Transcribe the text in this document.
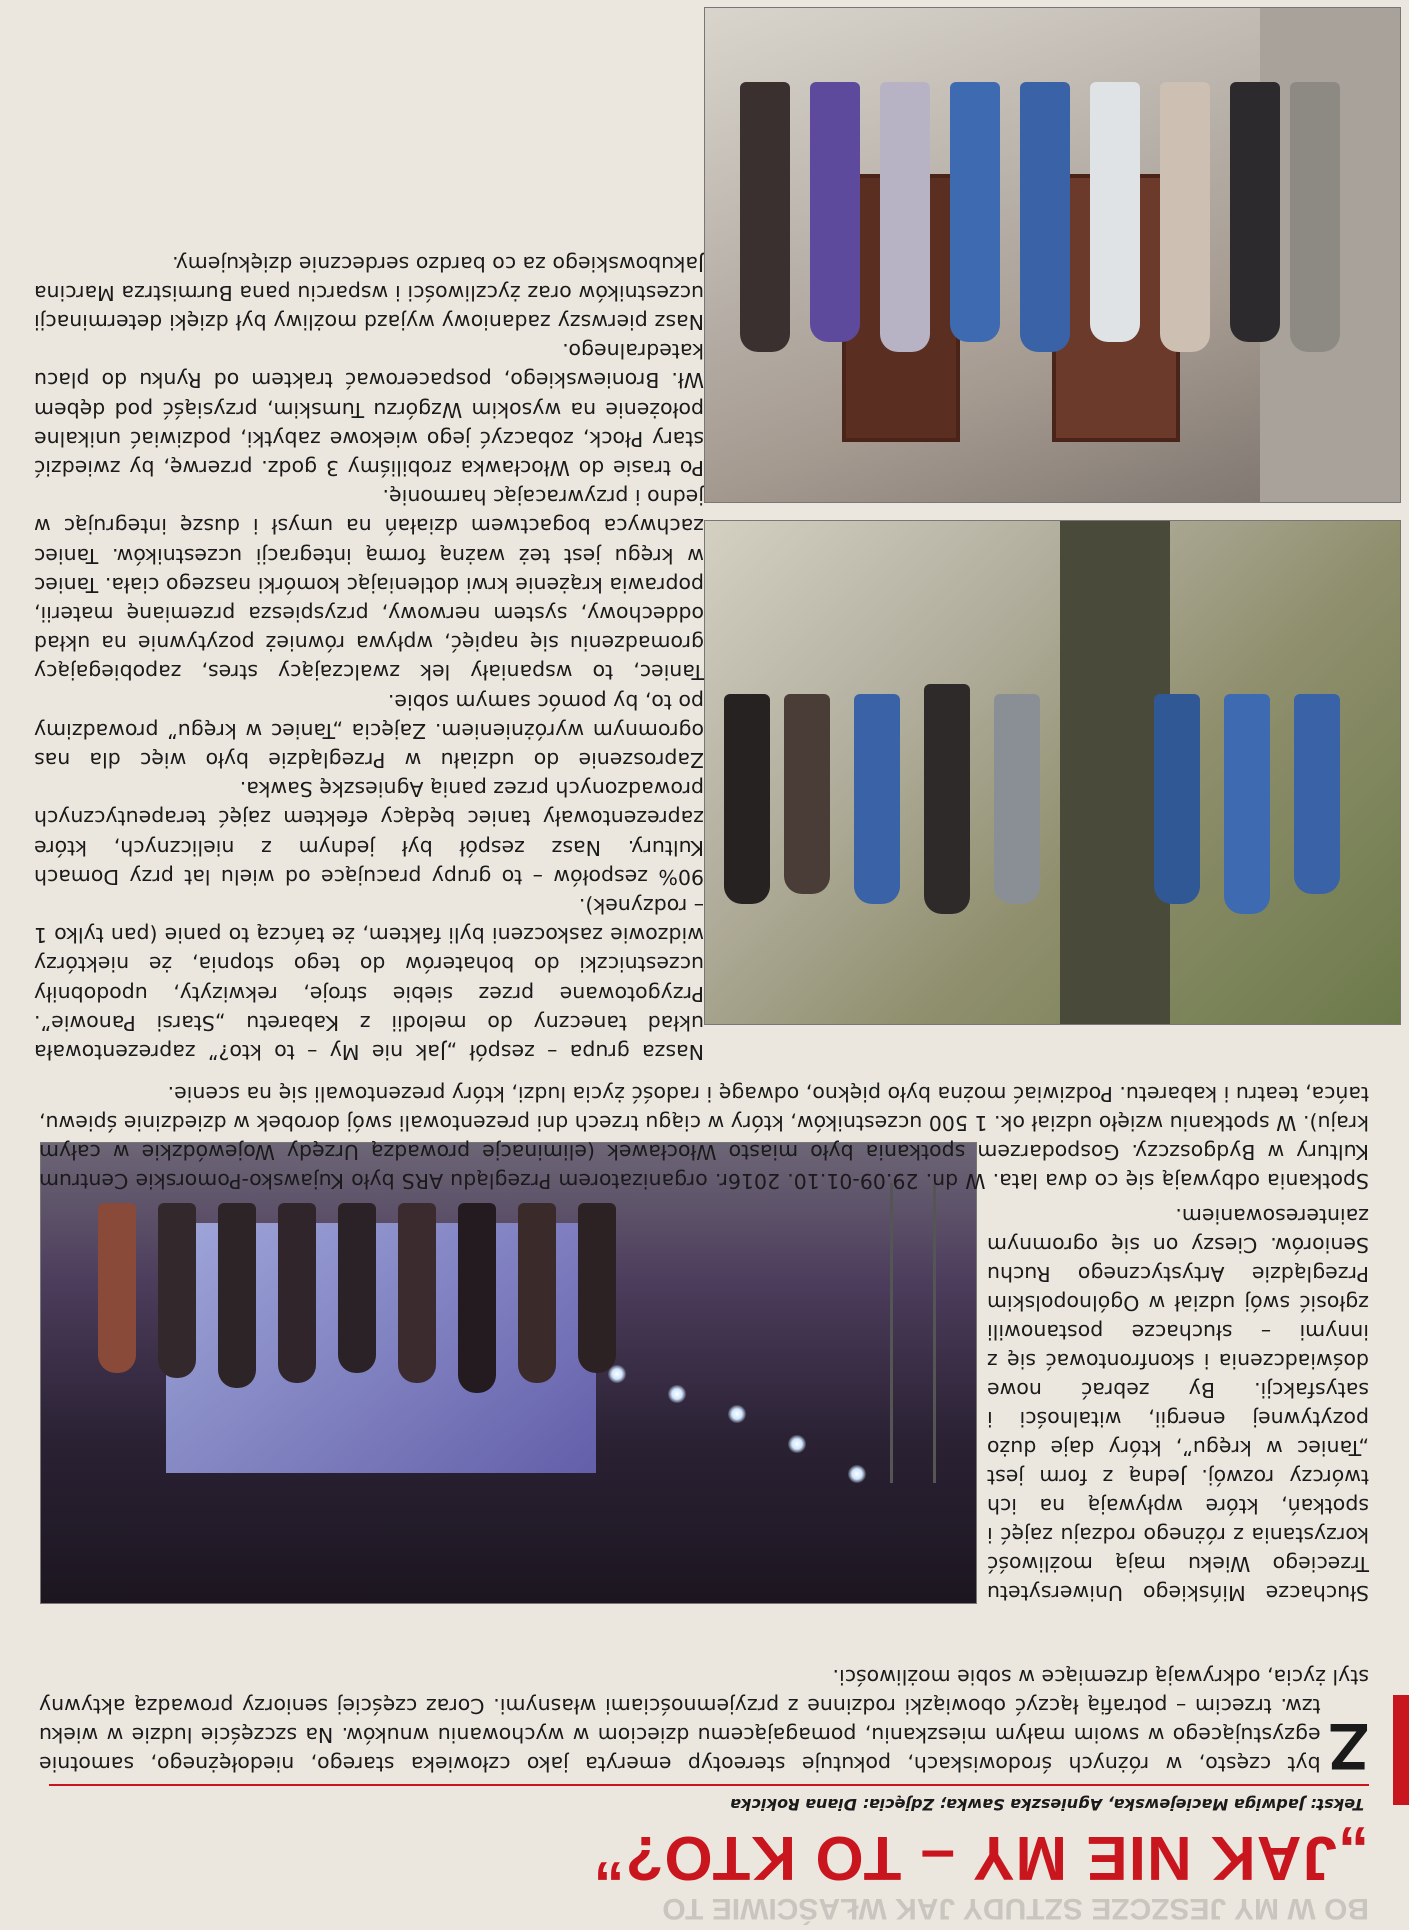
BO W MY JESZCZE SZTUDY JAK WŁAŚCIWIE TO
„JAK NIE MY – TO KTO?”
Tekst: Jadwiga Maciejewska, Agnieszka Sawka; Zdjęcia: Diana Rokicka
Z

byt często, w różnych środowiskach, pokutuje stereotyp emeryta jako człowieka starego, niedołężnego, samotnie egzystującego w swoim małym mieszkaniu, pomagającemu dzieciom w wychowaniu wnuków. Na szczęście ludzie w wieku tzw. trzecim – potrafią łączyć obowiązki rodzinne z przyjemnościami własnymi. Coraz częściej seniorzy prowadzą aktywny styl życia, odkrywają drzemiące w sobie możliwości.

Słuchacze Mińskiego Uniwersytetu Trzeciego Wieku mają możliwość korzystania z różnego rodzaju zajęć i spotkań, które wpływają na ich twórczy rozwój. Jedną z form jest „Taniec w kręgu”, który daje dużo pozytywnej energii, witalności i satysfakcji. By zebrać nowe doświadczenia i skonfrontować się z innymi – słuchacze postanowili zgłosić swój udział w Ogólnopolskim Przeglądzie Artystycznego Ruchu Seniorów. Cieszy on się ogromnym zainteresowaniem.

Spotkania odbywają się co dwa lata. W dn. 29.09-01.10. 2016r. organizatorem Przeglądu ARS było Kujawsko-Pomorskie Centrum Kultury w Bydgoszczy. Gospodarzem spotkania było miasto Włocławek (eliminacje prowadzą Urzędy Wojewódzkie w całym kraju). W spotkaniu wzięło udział ok. 1 500 uczestników, który w ciągu trzech dni prezentowali swój dorobek w dziedzinie śpiewu, tańca, teatru i kabaretu. Podziwiać można było piękno, odwagę i radość życia ludzi, który prezentowali się na scenie.

Nasza grupa – zespół „Jak nie My – to kto?” zaprezentowała układ taneczny do melodii z Kabaretu „Starsi Panowie”. Przygotowane przez siebie stroje, rekwizyty, upodobniły uczestniczki do bohaterów do tego stopnia, że niektórzy widzowie zaskoczeni byli faktem, że tańczą to panie (pan tylko 1 – rodzynek).

90% zespołów – to grupy pracujące od wielu lat przy Domach Kultury. Nasz zespół był jednym z nielicznych, które zaprezentowały taniec będący efektem zajęć terapeutycznych prowadzonych przez panią Agnieszkę Sawka.

Zaproszenie do udziału w Przeglądzie było więc dla nas ogromnym wyróżnieniem. Zajęcia „Taniec w kręgu” prowadzimy po to, by pomóc samym sobie.

Taniec, to wspaniały lek zwalczający stres, zapobiegający gromadzeniu się napięć, wpływa również pozytywnie na układ oddechowy, system nerwowy, przyspiesza przemianę materii, poprawia krążenie krwi dotleniając komórki naszego ciała. Taniec w kręgu jest też ważną formą integracji uczestników. Taniec zachwyca bogactwem działań na umysł i duszę integrując w jedno i przywracając harmonię.

Po trasie do Włocławka zrobiliśmy 3 godz. przerwę, by zwiedzić stary Płock, zobaczyć jego wiekowe zabytki, podziwiać unikalne położenie na wysokim Wzgórzu Tumskim, przysiąść pod dębem Wł. Broniewskiego, pospacerować traktem od Rynku do placu katedralnego.

Nasz pierwszy zadaniowy wyjazd możliwy był dzięki determinacji uczestników oraz życzliwości i wsparciu pana Burmistrza Marcina Jakubowskiego za co bardzo serdecznie dziękujemy.
